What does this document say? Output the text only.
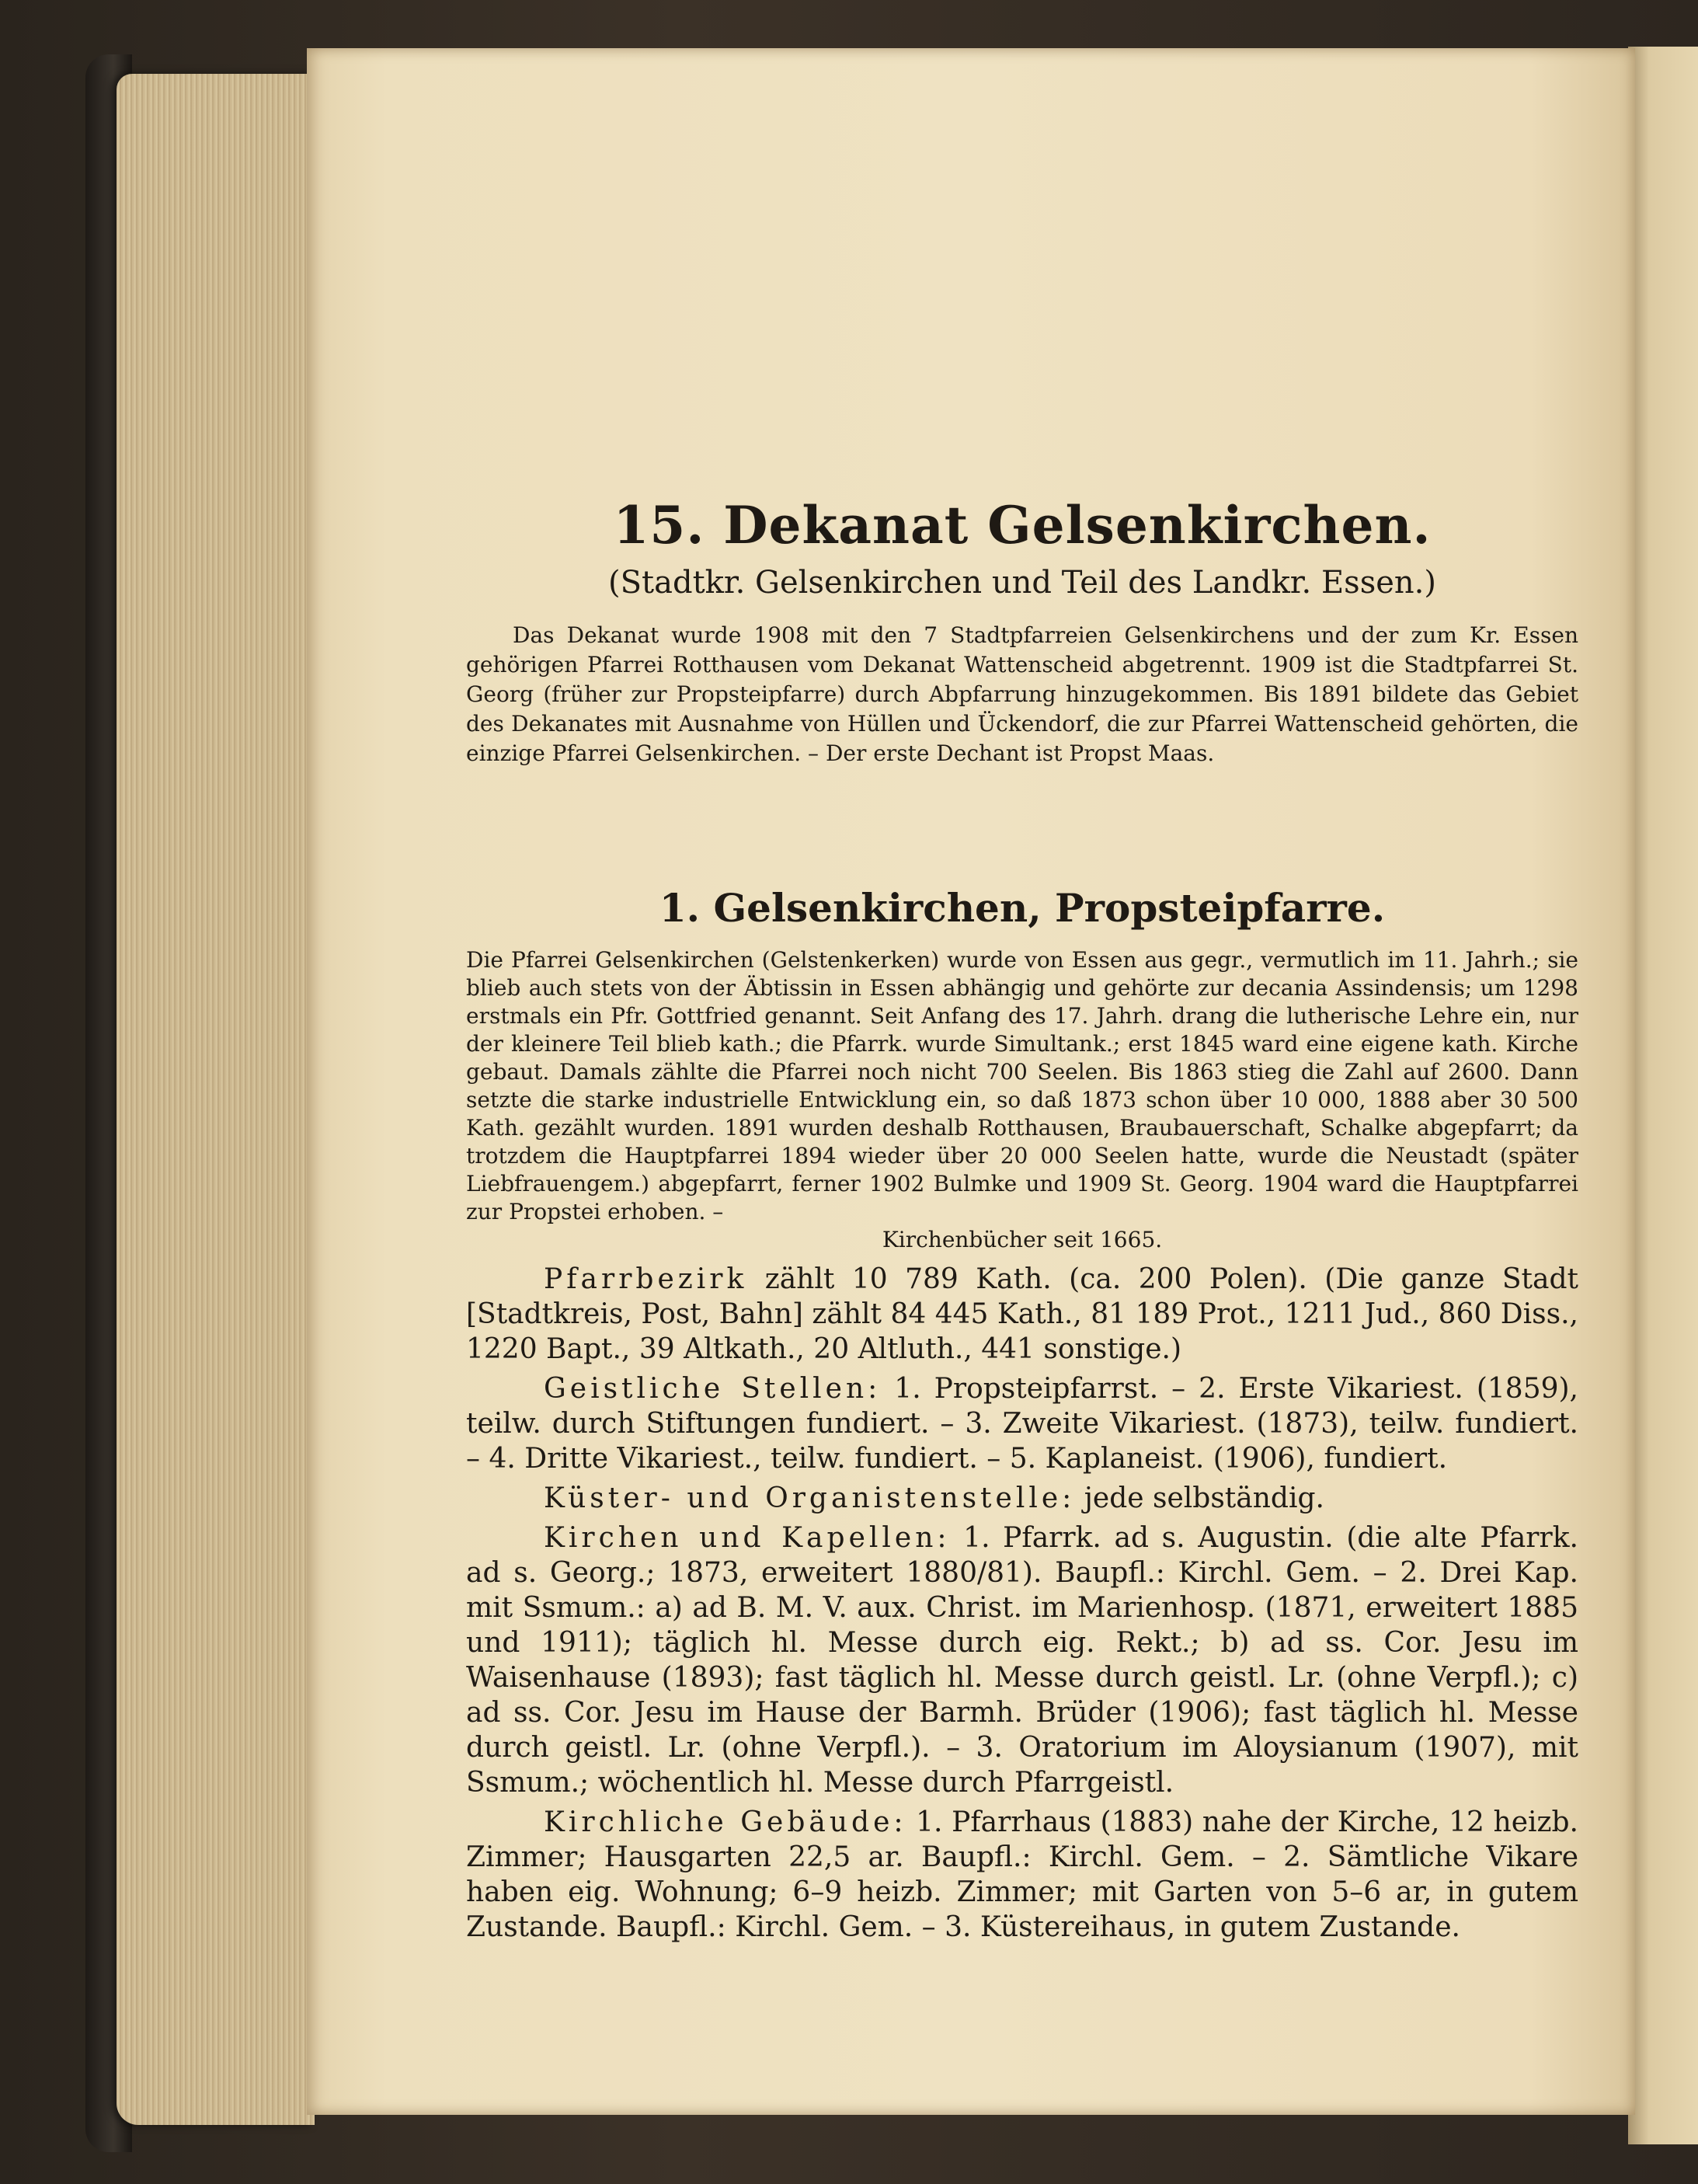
15. Dekanat Gelsenkirchen.
(Stadtkr. Gelsenkirchen und Teil des Landkr. Essen.)

Das Dekanat wurde 1908 mit den 7 Stadtpfarreien Gelsenkirchens und der zum Kr. Essen gehörigen Pfarrei Rotthausen vom Dekanat Wattenscheid abgetrennt. 1909 ist die Stadtpfarrei St. Georg (früher zur Propsteipfarre) durch Abpfarrung hinzugekommen. Bis 1891 bildete das Gebiet des Dekanates mit Ausnahme von Hüllen und Ückendorf, die zur Pfarrei Wattenscheid gehörten, die einzige Pfarrei Gelsenkirchen. – Der erste Dechant ist Propst Maas.

1. Gelsenkirchen, Propsteipfarre.

Die Pfarrei Gelsenkirchen (Gelstenkerken) wurde von Essen aus gegr., vermutlich im 11. Jahrh.; sie blieb auch stets von der Äbtissin in Essen abhängig und gehörte zur decania Assindensis; um 1298 erstmals ein Pfr. Gottfried genannt. Seit Anfang des 17. Jahrh. drang die lutherische Lehre ein, nur der kleinere Teil blieb kath.; die Pfarrk. wurde Simultank.; erst 1845 ward eine eigene kath. Kirche gebaut. Damals zählte die Pfarrei noch nicht 700 Seelen. Bis 1863 stieg die Zahl auf 2600. Dann setzte die starke industrielle Entwicklung ein, so daß 1873 schon über 10 000, 1888 aber 30 500 Kath. gezählt wurden. 1891 wurden deshalb Rotthausen, Braubauerschaft, Schalke abgepfarrt; da trotzdem die Hauptpfarrei 1894 wieder über 20 000 Seelen hatte, wurde die Neustadt (später Liebfrauengem.) abgepfarrt, ferner 1902 Bulmke und 1909 St. Georg. 1904 ward die Hauptpfarrei zur Propstei erhoben. –

Kirchenbücher seit 1665.

Pfarrbezirk zählt 10 789 Kath. (ca. 200 Polen). (Die ganze Stadt [Stadtkreis, Post, Bahn] zählt 84 445 Kath., 81 189 Prot., 1211 Jud., 860 Diss., 1220 Bapt., 39 Altkath., 20 Altluth., 441 sonstige.)

Geistliche Stellen: 1. Propsteipfarrst. – 2. Erste Vikariest. (1859), teilw. durch Stiftungen fundiert. – 3. Zweite Vikariest. (1873), teilw. fundiert. – 4. Dritte Vikariest., teilw. fundiert. – 5. Kaplaneist. (1906), fundiert.

Küster- und Organistenstelle: jede selbständig.

Kirchen und Kapellen: 1. Pfarrk. ad s. Augustin. (die alte Pfarrk. ad s. Georg.; 1873, erweitert 1880/81). Baupfl.: Kirchl. Gem. – 2. Drei Kap. mit Ssmum.: a) ad B. M. V. aux. Christ. im Marienhosp. (1871, erweitert 1885 und 1911); täglich hl. Messe durch eig. Rekt.; b) ad ss. Cor. Jesu im Waisenhause (1893); fast täglich hl. Messe durch geistl. Lr. (ohne Verpfl.); c) ad ss. Cor. Jesu im Hause der Barmh. Brüder (1906); fast täglich hl. Messe durch geistl. Lr. (ohne Verpfl.). – 3. Oratorium im Aloysianum (1907), mit Ssmum.; wöchentlich hl. Messe durch Pfarrgeistl.

Kirchliche Gebäude: 1. Pfarrhaus (1883) nahe der Kirche, 12 heizb. Zimmer; Hausgarten 22,5 ar. Baupfl.: Kirchl. Gem. – 2. Sämtliche Vikare haben eig. Wohnung; 6–9 heizb. Zimmer; mit Garten von 5–6 ar, in gutem Zustande. Baupfl.: Kirchl. Gem. – 3. Küstereihaus, in gutem Zustande.
